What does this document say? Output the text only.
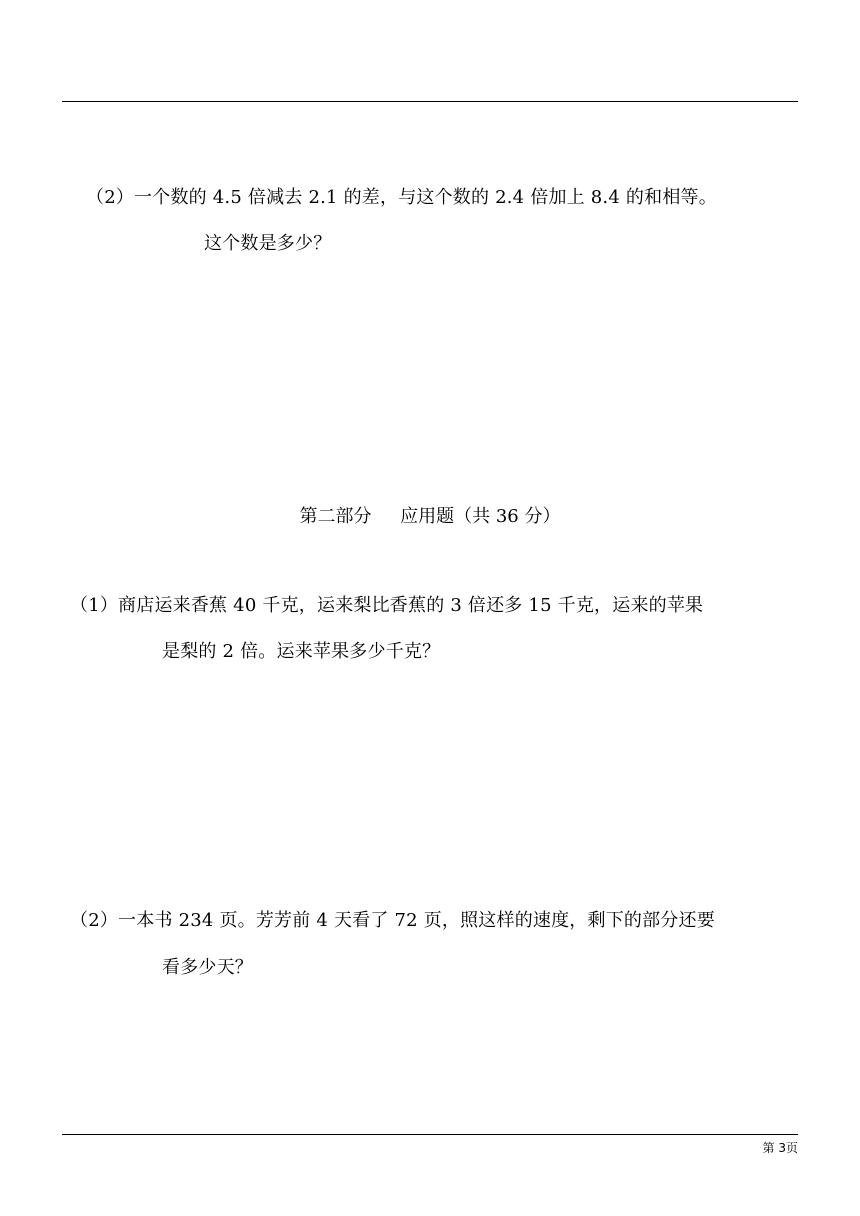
（2）一个数的 4.5 倍减去 2.1 的差，与这个数的 2.4 倍加上 8.4 的和相等。
这个数是多少？
第二部分     应用题（共 36 分）
（1）商店运来香蕉 40 千克，运来梨比香蕉的 3 倍还多 15 千克，运来的苹果
是梨的 2 倍。运来苹果多少千克？
（2）一本书 234 页。芳芳前 4 天看了 72 页，照这样的速度，剩下的部分还要
看多少天？
第 3页
